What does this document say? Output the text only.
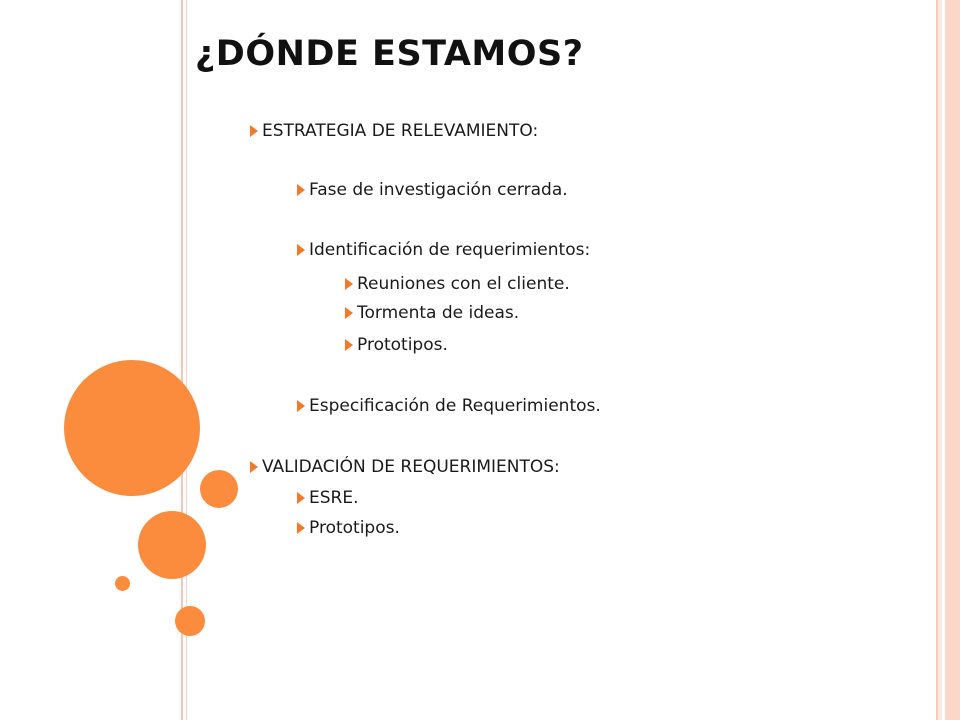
¿DÓNDE ESTAMOS?
ESTRATEGIA DE RELEVAMIENTO:
Fase de investigación cerrada.
Identificación de requerimientos:
Reuniones con el cliente.
Tormenta de ideas.
Prototipos.
Especificación de Requerimientos.
VALIDACIÓN DE REQUERIMIENTOS:
ESRE.
Prototipos.
